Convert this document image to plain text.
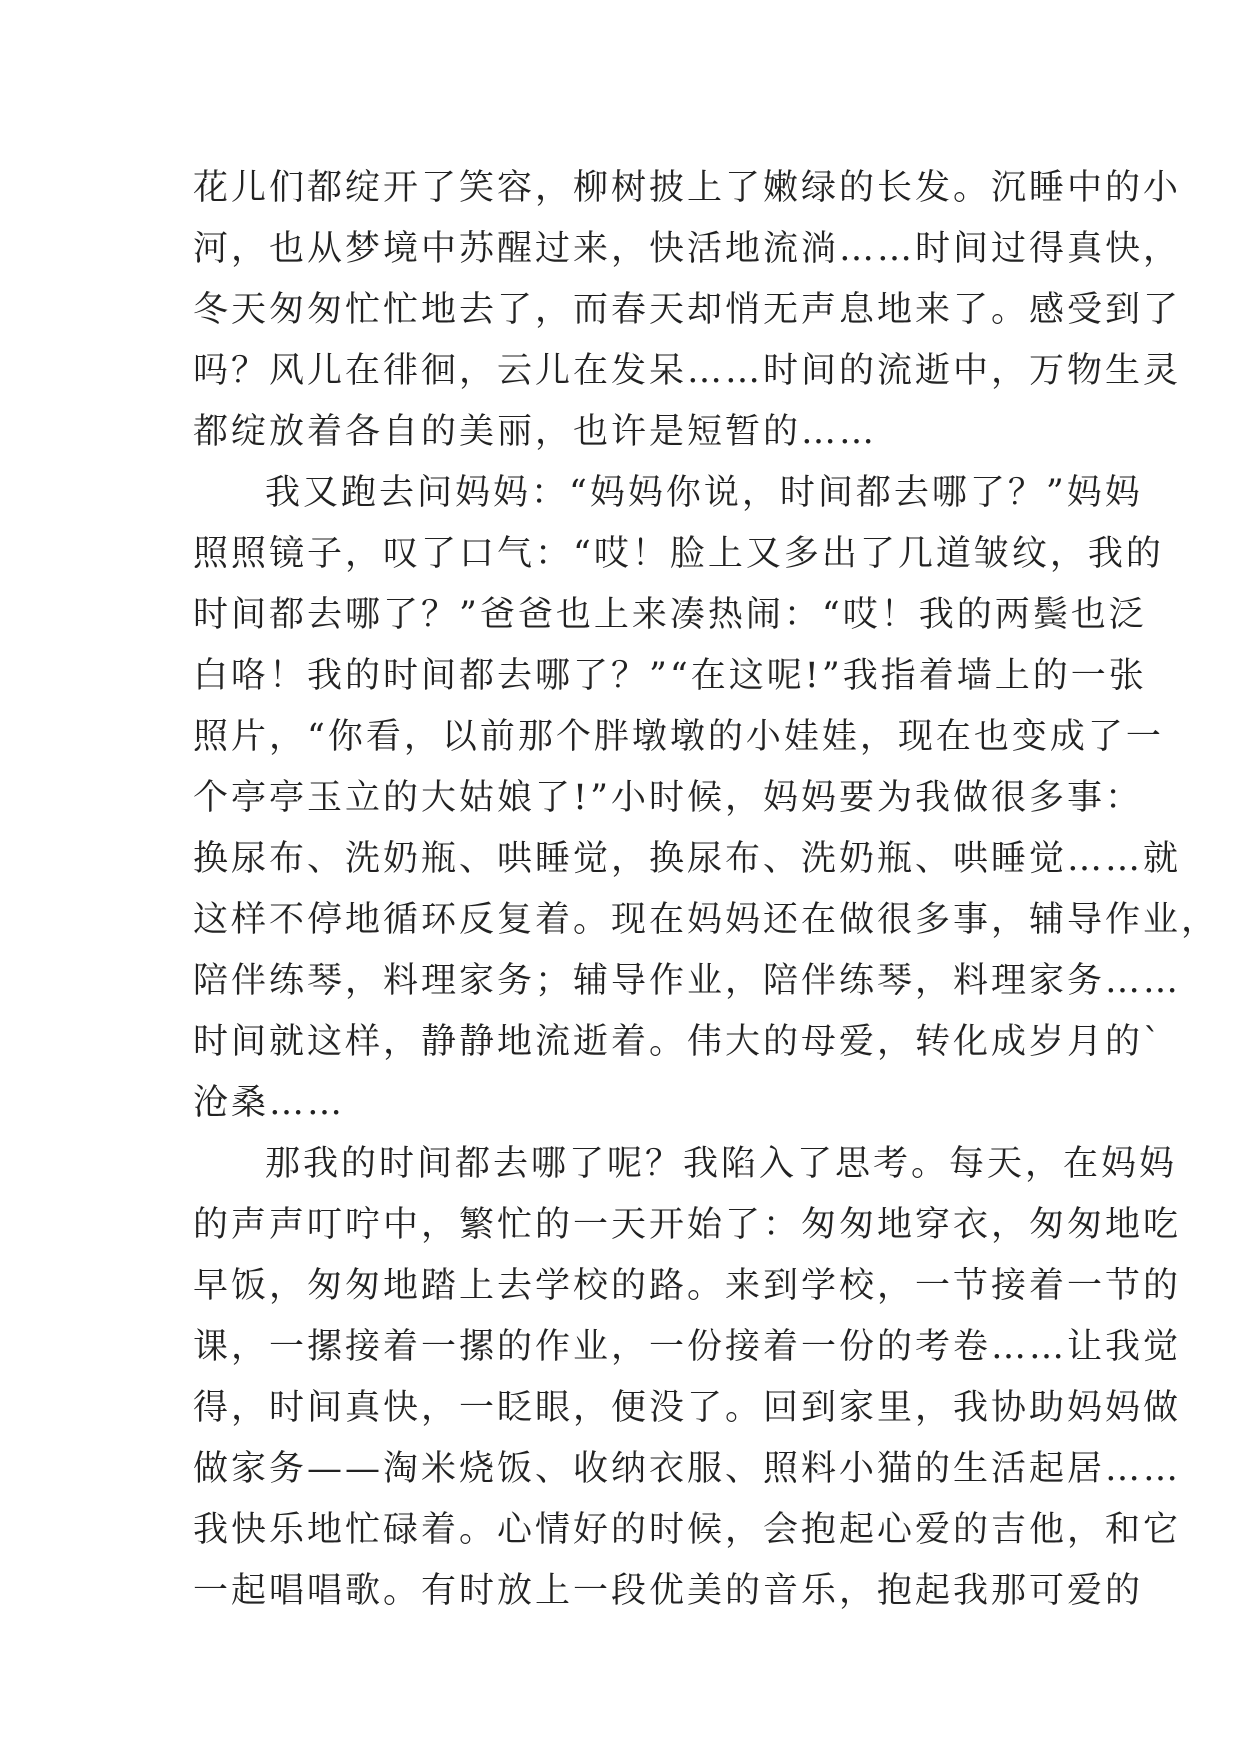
花儿们都绽开了笑容，柳树披上了嫩绿的长发。沉睡中的小
河，也从梦境中苏醒过来，快活地流淌……时间过得真快，
冬天匆匆忙忙地去了，而春天却悄无声息地来了。感受到了
吗？风儿在徘徊，云儿在发呆……时间的流逝中，万物生灵
都绽放着各自的美丽，也许是短暂的……

我又跑去问妈妈：“妈妈你说，时间都去哪了？”妈妈
照照镜子，叹了口气：“哎！脸上又多出了几道皱纹，我的
时间都去哪了？”爸爸也上来凑热闹：“哎！我的两鬓也泛
白咯！我的时间都去哪了？”“在这呢!”我指着墙上的一张
照片，“你看，以前那个胖墩墩的小娃娃，现在也变成了一
个亭亭玉立的大姑娘了!”小时候，妈妈要为我做很多事：
换尿布、洗奶瓶、哄睡觉，换尿布、洗奶瓶、哄睡觉……就
这样不停地循环反复着。现在妈妈还在做很多事，辅导作业，
陪伴练琴，料理家务；辅导作业，陪伴练琴，料理家务……
时间就这样，静静地流逝着。伟大的母爱，转化成岁月的`
沧桑……

那我的时间都去哪了呢？我陷入了思考。每天，在妈妈
的声声叮咛中，繁忙的一天开始了：匆匆地穿衣，匆匆地吃
早饭，匆匆地踏上去学校的路。来到学校，一节接着一节的
课，一摞接着一摞的作业，一份接着一份的考卷……让我觉
得，时间真快，一眨眼，便没了。回到家里，我协助妈妈做
做家务——淘米烧饭、收纳衣服、照料小猫的生活起居……
我快乐地忙碌着。心情好的时候，会抱起心爱的吉他，和它
一起唱唱歌。有时放上一段优美的音乐，抱起我那可爱的
